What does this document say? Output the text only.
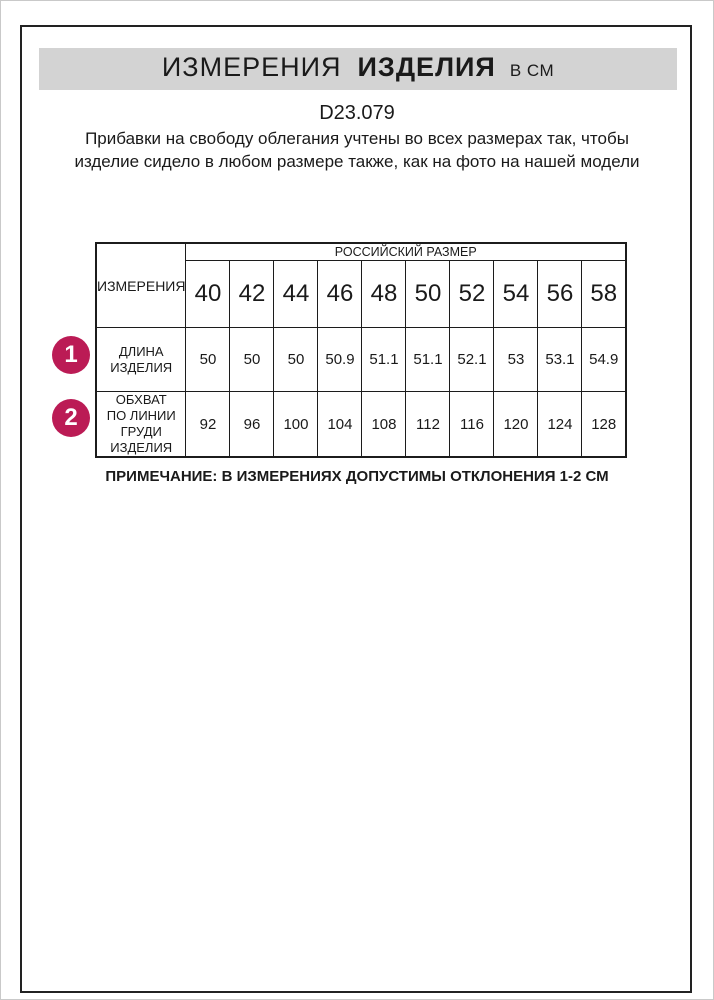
ИЗМЕРЕНИЯ ИЗДЕЛИЯ В СМ
D23.079
Прибавки на свободу облегания учтены во всех размерах так, чтобы изделие сидело в любом размере также, как на фото на нашей модели
ИЗМЕРЕНИЯ	РОССИЙСКИЙ РАЗМЕР									
	40	42	44	46	48	50	52	54	56	58
ДЛИНА ИЗДЕЛИЯ	50	50	50	50.9	51.1	51.1	52.1	53	53.1	54.9
ОБХВАТ ПО ЛИНИИ ГРУДИ ИЗДЕЛИЯ	92	96	100	104	108	112	116	120	124	128
1
2
ПРИМЕЧАНИЕ: В ИЗМЕРЕНИЯХ ДОПУСТИМЫ ОТКЛОНЕНИЯ 1-2 СМ
